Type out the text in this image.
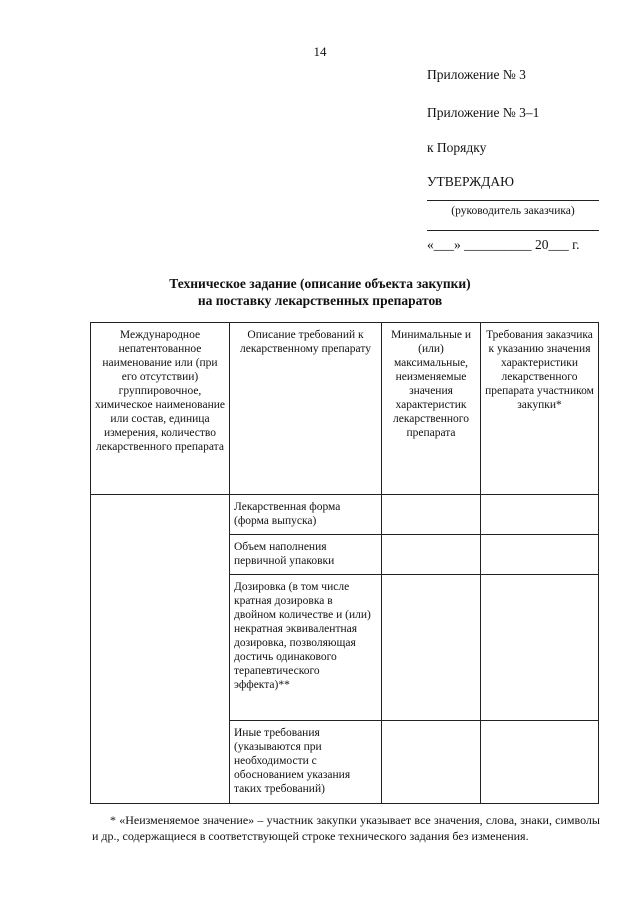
14
Приложение № 3
Приложение № 3–1
к Порядку
УТВЕРЖДАЮ
(руководитель заказчика)
«___» __________ 20___ г.
Техническое задание (описание объекта закупки)
на поставку лекарственных препаратов
Международное непатентованное наименование или (при его отсутствии) группировочное, химическое наименование или состав, единица измерения, количество лекарственного препарата	Описание требований к лекарственному препарату	Минимальные и (или) максимальные, неизменяемые значения характеристик лекарственного препарата	Требования заказчика к указанию значения характеристики лекарственного препарата участником закупки*
	Лекарственная форма (форма выпуска)		
	Объем наполнения первичной упаковки		
	Дозировка (в том числе кратная дозировка в двойном количестве и (или) некратная эквивалентная дозировка, позволяющая достичь одинакового терапевтического эффекта)**		
	Иные требования (указываются при необходимости с обоснованием указания таких требований)		

* «Неизменяемое значение» – участник закупки указывает все значения, слова, знаки, символы и др., содержащиеся в соответствующей строке технического задания без изменения.
